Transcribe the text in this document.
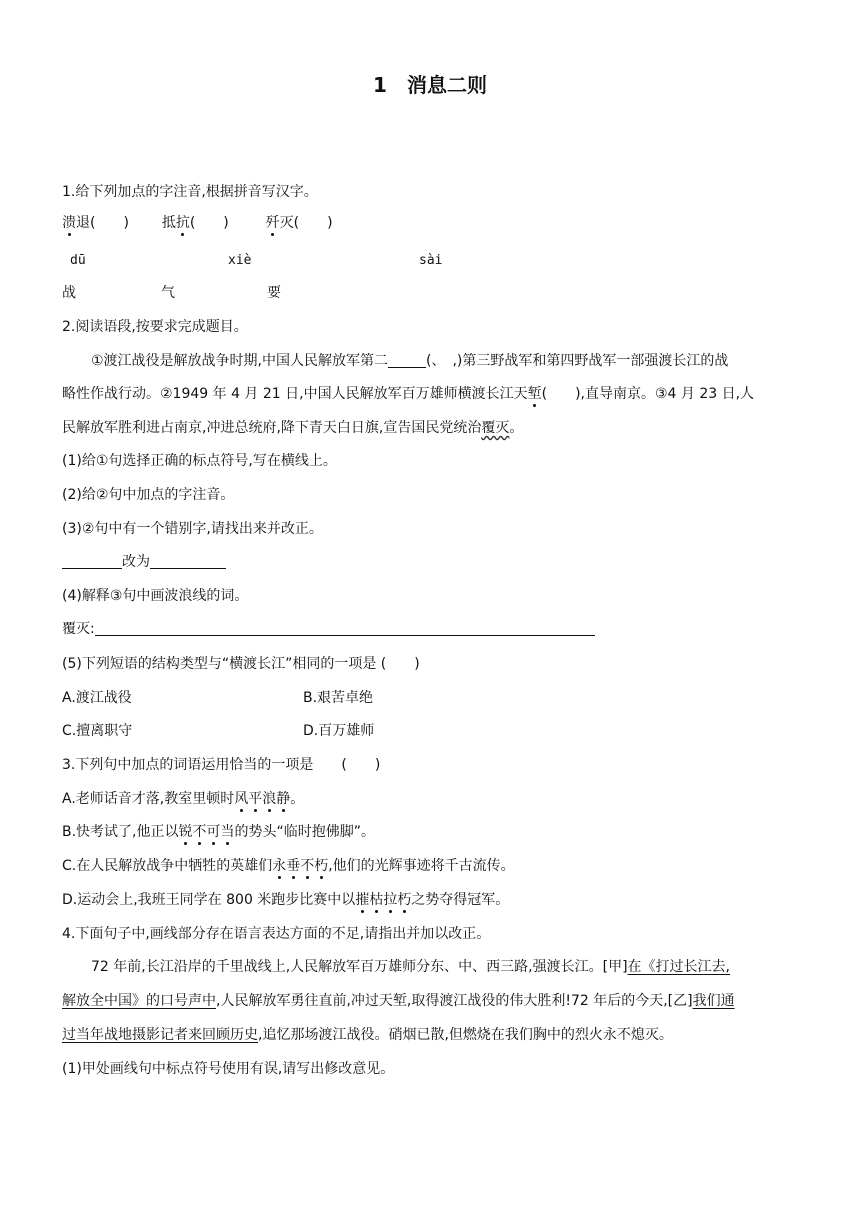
1　消息二则
1.给下列加点的字注音,根据拼音写汉字。
溃退(　　) 抵抗(　　)	歼灭(　　)
dū	xiè	sài
战	气	要
2.阅读语段,按要求完成题目。
①渡江战役是解放战争时期,中国人民解放军第二	(、　,)第三野战军和第四野战军一部强渡长江的战
略性作战行动。②1949 年 4 月 21 日,中国人民解放军百万雄师横渡长江天堑(　　),直导南京。③4 月 23 日,人
民解放军胜利进占南京,冲进总统府,降下青天白日旗,宣告国民党统治覆灭。
(1)给①句选择正确的标点符号,写在横线上。
(2)给②句中加点的字注音。
(3)②句中有一个错别字,请找出来并改正。
改为
(4)解释③句中画波浪线的词。
覆灭:
(5)下列短语的结构类型与“横渡长江”相同的一项是 (　　)
A.渡江战役	B.艰苦卓绝
C.擅离职守	D.百万雄师
3.下列句中加点的词语运用恰当的一项是　　(　　)
A.老师话音才落,教室里顿时风平浪静。
B.快考试了,他正以锐不可当的势头“临时抱佛脚”。
C.在人民解放战争中牺牲的英雄们永垂不朽,他们的光辉事迹将千古流传。
D.运动会上,我班王同学在 800 米跑步比赛中以摧枯拉朽之势夺得冠军。
4.下面句子中,画线部分存在语言表达方面的不足,请指出并加以改正。
72 年前,长江沿岸的千里战线上,人民解放军百万雄师分东、中、西三路,强渡长江。[甲]在《打过长江去,
解放全中国》的口号声中,人民解放军勇往直前,冲过天堑,取得渡江战役的伟大胜利!72 年后的今天,[乙]我们通
过当年战地摄影记者来回顾历史,追忆那场渡江战役。硝烟已散,但燃烧在我们胸中的烈火永不熄灭。
(1)甲处画线句中标点符号使用有误,请写出修改意见。
